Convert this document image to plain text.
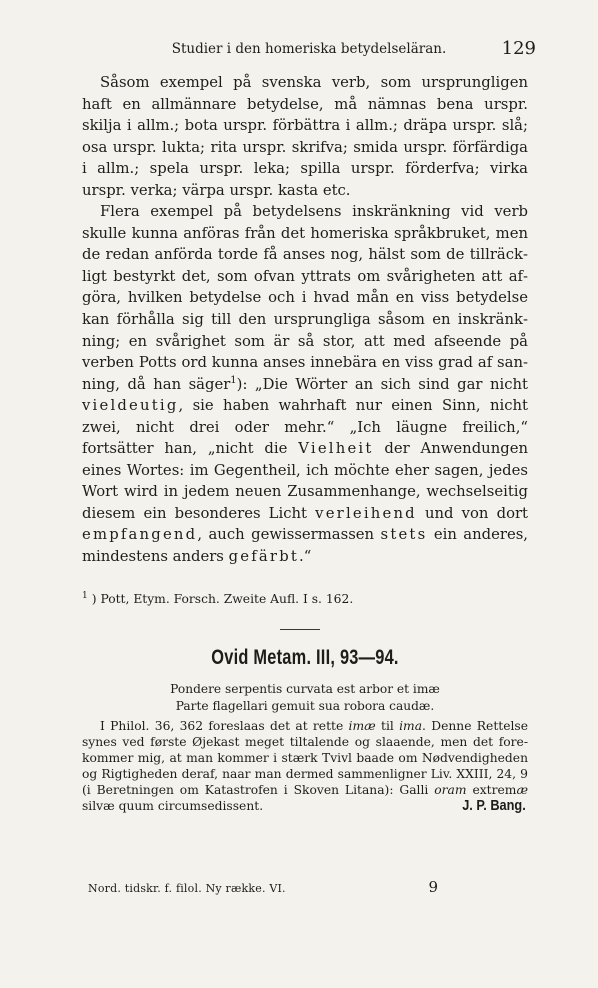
Studier i den homeriska betydelseläran.	129

Såsom exempel på svenska verb, som ursprungligen haft en allmännare betydelse, må nämnas bena urspr. skilja i allm.; bota urspr. förbättra i allm.; dräpa urspr. slå; osa urspr. lukta; rita urspr. skrifva; smida urspr. förfärdiga i allm.; spela urspr. leka; spilla urspr. förderfva; virka urspr. verka; värpa urspr. kasta etc.

Flera exempel på betydelsens inskränkning vid verb skulle kunna anföras från det homeriska språkbruket, men de redan anförda torde få anses nog, hälst som de tillräckligt bestyrkt det, som ofvan yttrats om svårigheten att afgöra, hvilken betydelse och i hvad mån en viss betydelse kan förhålla sig till den ursprungliga såsom en inskränkning; en svårighet som är så stor, att med afseende på verben Potts ord kunna anses innebära en viss grad af sanning, då han säger$^1$): „Die Wörter an sich sind gar nicht vieldeutig, sie haben wahrhaft nur einen Sinn, nicht zwei, nicht drei oder mehr.“ „Ich läugne freilich,“ fortsätter han, „nicht die Vielheit der Anwendungen eines Wortes: im Gegentheil, ich möchte eher sagen, jedes Wort wird in jedem neuen Zusammenhange, wechselseitig diesem ein besonderes Licht verleihend und von dort empfangend, auch gewissermassen stets ein anderes, mindestens anders gefärbt.“

$^1$ ) Pott, Etym. Forsch. Zweite Aufl. I s. 162.
Ovid Metam. III, 93—94.
Pondere serpentis curvata est arbor et imæ
Parte flagellari gemuit sua robora caudæ.

I Philol. 36, 362 foreslaas det at rette imæ til ima. Denne Rettelse synes ved første Øjekast meget tiltalende og slaaende, men det forekommer mig, at man kommer i stærk Tvivl baade om Nødvendigheden og Rigtigheden deraf, naar man dermed sammenligner Liv. XXIII, 24, 9 (i Beretningen om Katastrofen i Skoven Litana): Galli oram extremæ silvæ quum circumsedissent.	J. P. Bang.
Nord. tidskr. f. filol. Ny række. VI.	9
